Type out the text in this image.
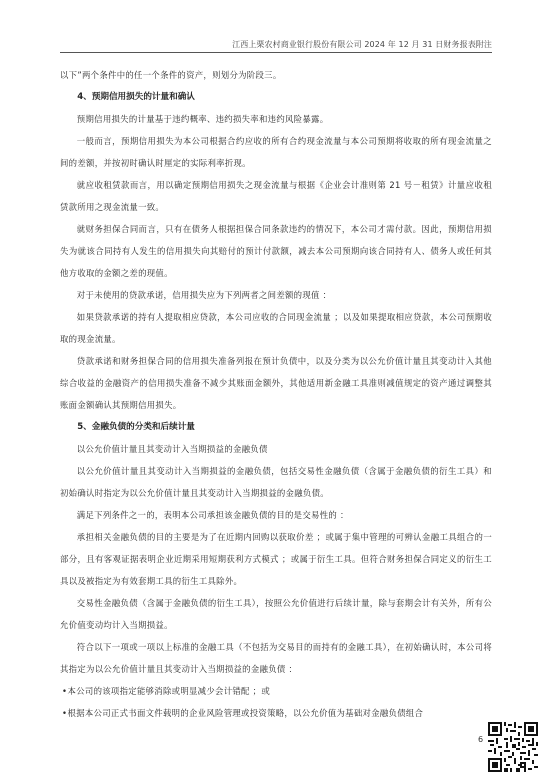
江西上栗农村商业银行股份有限公司 2024 年 12 月 31 日财务报表附注

以下”两个条件中的任一个条件的资产，则划分为阶段三。

4、预期信用损失的计量和确认

预期信用损失的计量基于违约概率、违约损失率和违约风险暴露。

一般而言，预期信用损失为本公司根据合约应收的所有合约现金流量与本公司预期将收取的所有现金流量之间的差额，并按初时确认时厘定的实际利率折现。

就应收租赁款而言，用以确定预期信用损失之现金流量与根据《企业会计准则第 21 号－租赁》计量应收租赁款所用之现金流量一致。

就财务担保合同而言，只有在债务人根据担保合同条款违约的情况下，本公司才需付款。因此，预期信用损失为就该合同持有人发生的信用损失向其赔付的预计付款额，减去本公司预期向该合同持有人、债务人或任何其他方收取的金额之差的现值。

对于未使用的贷款承诺，信用损失应为下列两者之间差额的现值 ：

如果贷款承诺的持有人提取相应贷款，本公司应收的合同现金流量 ；以及如果提取相应贷款，本公司预期收取的现金流量。

贷款承诺和财务担保合同的信用损失准备列报在预计负债中，以及分类为以公允价值计量且其变动计入其他综合收益的金融资产的信用损失准备不减少其账面金额外，其他适用新金融工具准则减值规定的资产通过调整其账面金额确认其预期信用损失。

5、金融负债的分类和后续计量

以公允价值计量且其变动计入当期损益的金融负债

以公允价值计量且其变动计入当期损益的金融负债，包括交易性金融负债（含属于金融负债的衍生工具）和初始确认时指定为以公允价值计量且其变动计入当期损益的金融负债。

满足下列条件之一的，表明本公司承担该金融负债的目的是交易性的 ：

承担相关金融负债的目的主要是为了在近期内回购以获取价差 ；或属于集中管理的可辨认金融工具组合的一部分，且有客观证据表明企业近期采用短期获利方式模式 ；或属于衍生工具。但符合财务担保合同定义的衍生工具以及被指定为有效套期工具的衍生工具除外。

交易性金融负债（含属于金融负债的衍生工具），按照公允价值进行后续计量，除与套期会计有关外，所有公允价值变动均计入当期损益。

符合以下一项或一项以上标准的金融工具（不包括为交易目的而持有的金融工具），在初始确认时，本公司将其指定为以公允价值计量且其变动计入当期损益的金融负债 ：

• 本公司的该项指定能够消除或明显减少会计错配 ；或

• 根据本公司正式书面文件载明的企业风险管理或投资策略，以公允价值为基础对金融负债组合

6
